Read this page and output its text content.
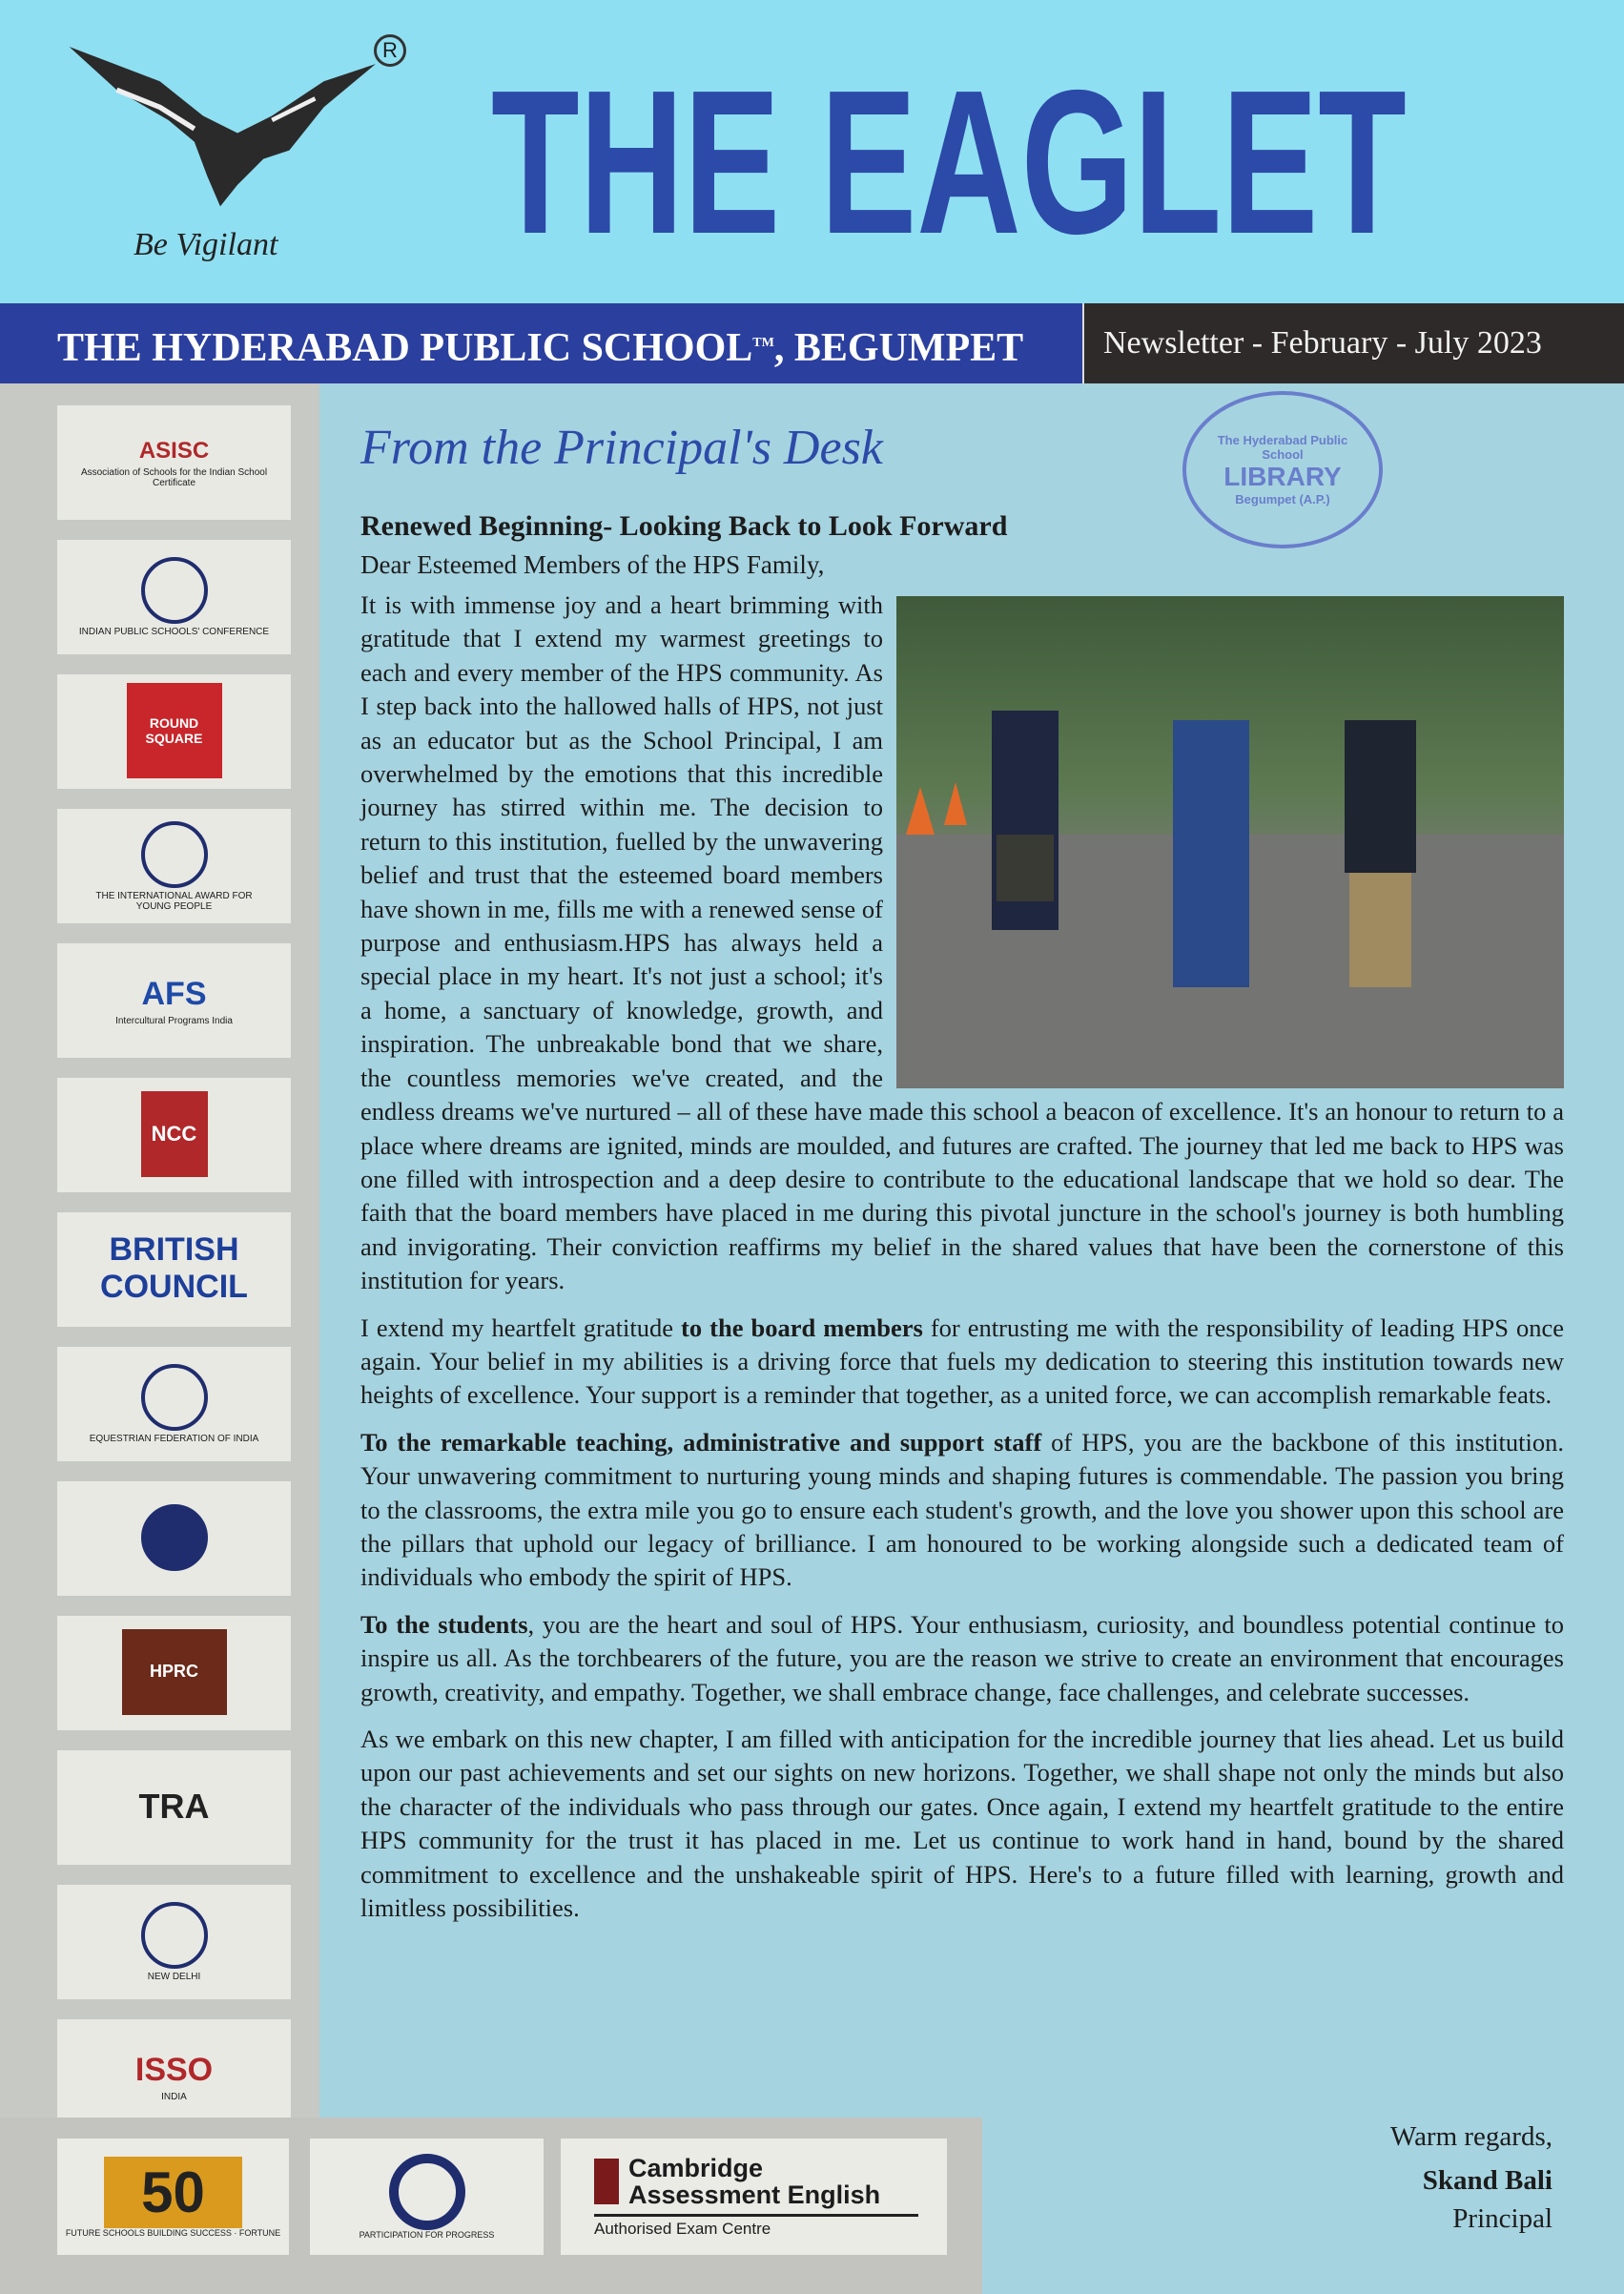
R
Be Vigilant THE EAGLET
THE HYDERABAD PUBLIC SCHOOL™, BEGUMPET	Newsletter - February - July 2023
ASISC
Association of Schools for the Indian School Certificate
INDIAN PUBLIC SCHOOLS' CONFERENCE
ROUND SQUARE
THE INTERNATIONAL AWARD FOR YOUNG PEOPLE
AFS
Intercultural Programs India
NCC
BRITISH COUNCIL
EQUESTRIAN FEDERATION OF INDIA
HPRC
TRA
NEW DELHI
ISSO
INDIA
50
FUTURE SCHOOLS BUILDING SUCCESS · FORTUNE	PARTICIPATION FOR PROGRESS
Cambridge Assessment English
Authorised Exam Centre
The Hyderabad Public School
LIBRARY
Begumpet (A.P.)
From the Principal's Desk
Renewed Beginning- Looking Back to Look Forward
Dear Esteemed Members of the HPS Family,
It is with immense joy and a heart brimming with gratitude that I extend my warmest greetings to each and every member of the HPS community. As I step back into the hallowed halls of HPS, not just as an educator but as the School Principal, I am overwhelmed by the emotions that this incredible journey has stirred within me. The decision to return to this institution, fuelled by the unwavering belief and trust that the esteemed board members have shown in me, fills me with a renewed sense of purpose and enthusiasm.HPS has always held a special place in my heart. It's not just a school; it's a home, a sanctuary of knowledge, growth, and inspiration. The unbreakable bond that we share, the countless memories we've created, and the endless dreams we've nurtured – all of these have made this school a beacon of excellence. It's an honour to return to a place where dreams are ignited, minds are moulded, and futures are crafted. The journey that led me back to HPS was one filled with introspection and a deep desire to contribute to the educational landscape that we hold so dear. The faith that the board members have placed in me during this pivotal juncture in the school's journey is both humbling and invigorating. Their conviction reaffirms my belief in the shared values that have been the cornerstone of this institution for years.
I extend my heartfelt gratitude to the board members for entrusting me with the responsibility of leading HPS once again. Your belief in my abilities is a driving force that fuels my dedication to steering this institution towards new heights of excellence. Your support is a reminder that together, as a united force, we can accomplish remarkable feats.
To the remarkable teaching, administrative and support staff of HPS, you are the backbone of this institution. Your unwavering commitment to nurturing young minds and shaping futures is commendable. The passion you bring to the classrooms, the extra mile you go to ensure each student's growth, and the love you shower upon this school are the pillars that uphold our legacy of brilliance. I am honoured to be working alongside such a dedicated team of individuals who embody the spirit of HPS.
To the students, you are the heart and soul of HPS. Your enthusiasm, curiosity, and boundless potential continue to inspire us all. As the torchbearers of the future, you are the reason we strive to create an environment that encourages growth, creativity, and empathy. Together, we shall embrace change, face challenges, and celebrate successes.
As we embark on this new chapter, I am filled with anticipation for the incredible journey that lies ahead. Let us build upon our past achievements and set our sights on new horizons. Together, we shall shape not only the minds but also the character of the individuals who pass through our gates. Once again, I extend my heartfelt gratitude to the entire HPS community for the trust it has placed in me. Let us continue to work hand in hand, bound by the shared commitment to excellence and the unshakeable spirit of HPS. Here's to a future filled with learning, growth and limitless possibilities.
Warm regards,
Skand Bali
Principal
